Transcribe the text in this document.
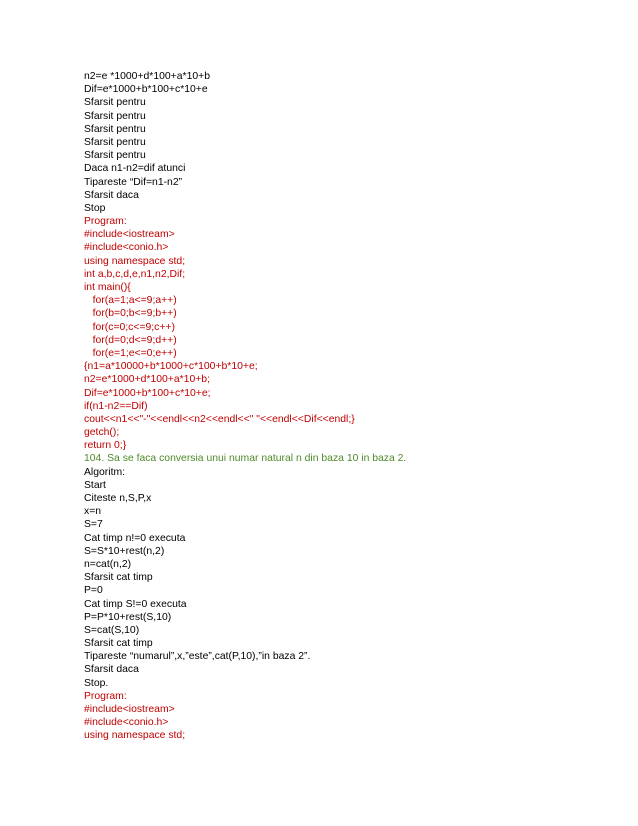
n2=e *1000+d*100+a*10+b
Dif=e*1000+b*100+c*10+e
Sfarsit pentru
Sfarsit pentru
Sfarsit pentru
Sfarsit pentru
Sfarsit pentru
Daca n1-n2=dif atunci
Tipareste “Dif=n1-n2”
Sfarsit daca
Stop
Program:
#include<iostream>
#include<conio.h>
using namespace std;
int a,b,c,d,e,n1,n2,Dif;
int main(){
for(a=1;a<=9;a++)
for(b=0;b<=9;b++)
for(c=0;c<=9;c++)
for(d=0;d<=9;d++)
for(e=1;e<=0;e++)
{n1=a*10000+b*1000+c*100+b*10+e;
n2=e*1000+d*100+a*10+b;
Dif=e*1000+b*100+c*10+e;
if(n1-n2==Dif)
cout<<n1<<"-"<<endl<<n2<<endl<<" "<<endl<<Dif<<endl;}
getch();
return 0;}
104. Sa se faca conversia unui numar natural n din baza 10 in baza 2.
Algoritm:
Start
Citeste n,S,P,x
x=n
S=7
Cat timp n!=0 executa
S=S*10+rest(n,2)
n=cat(n,2)
Sfarsit cat timp
P=0
Cat timp S!=0 executa
P=P*10+rest(S,10)
S=cat(S,10)
Sfarsit cat timp
Tipareste “numarul”,x,”este”,cat(P,10),”in baza 2”.
Sfarsit daca
Stop.
Program:
#include<iostream>
#include<conio.h>
using namespace std;
